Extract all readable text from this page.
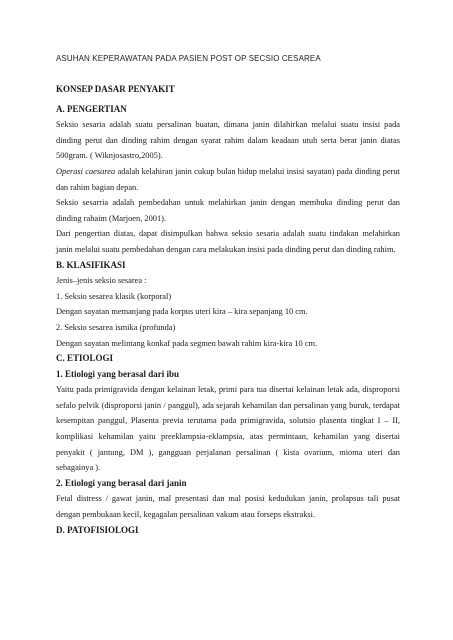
ASUHAN KEPERAWATAN PADA PASIEN POST OP SECSIO CESAREA

KONSEP DASAR PENYAKIT

A. PENGERTIAN

Seksio sesaria adalah suatu persalinan buatan, dimana janin dilahirkan melalui suatu insisi pada dinding perut dan dinding rahim dengan syarat rahim dalam keadaan utuh serta berat janin diatas 500gram. ( Wiknjosastro,2005).

Operasi caesarea adalah kelahiran janin cukup bulan hidup melalui insisi sayatan) pada dinding perut dan rahim bagian depan.

Seksio sesarria adalah pembedahan untuk melahirkan janin dengan membuka dinding perut dan dinding rahaim (Marjoen, 2001).

Dari pengertian diatas, dapat disimpulkan bahwa seksio sesaria adalah suatu tindakan melahirkan janin melalui suatu pembedahan dengan cara melakukan insisi pada dinding perut dan dinding rahim.

B. KLASIFIKASI

Jenis–jenis seksio sesarea :

1. Seksio sesarea klasik (korporal)

Dengan sayatan memanjang pada korpus uteri kira – kira sepanjang 10 cm.

2. Seksio sesarea ismika (profunda)

Dengan sayatan melintang konkaf pada segmen bawah rahim kira-kira 10 cm.

C. ETIOLOGI

1. Etiologi yang berasal dari ibu

Yaitu pada primigravida dengan kelainan letak, primi para tua disertai kelainan letak ada, disproporsi sefalo pelvik (disproporsi janin / panggul), ada sejarah kehamilan dan persalinan yang buruk, terdapat kesempitan panggul, Plasenta previa terutama pada primigravida, solutsio plasenta tingkat I – II, komplikasi kehamilan yaitu preeklampsia-eklampsia, atas permintaan, kehamilan yang disertai penyakit ( jantung, DM ), gangguan perjalanan persalinan ( kista ovarium, mioma uteri dan sebagainya ).

2. Etiologi yang berasal dari janin

Fetal distress / gawat janin, mal presentasi dan mal posisi kedudukan janin, prolapsus tali pusat dengan pembukaan kecil, kegagalan persalinan vakum atau forseps ekstraksi.

D. PATOFISIOLOGI
